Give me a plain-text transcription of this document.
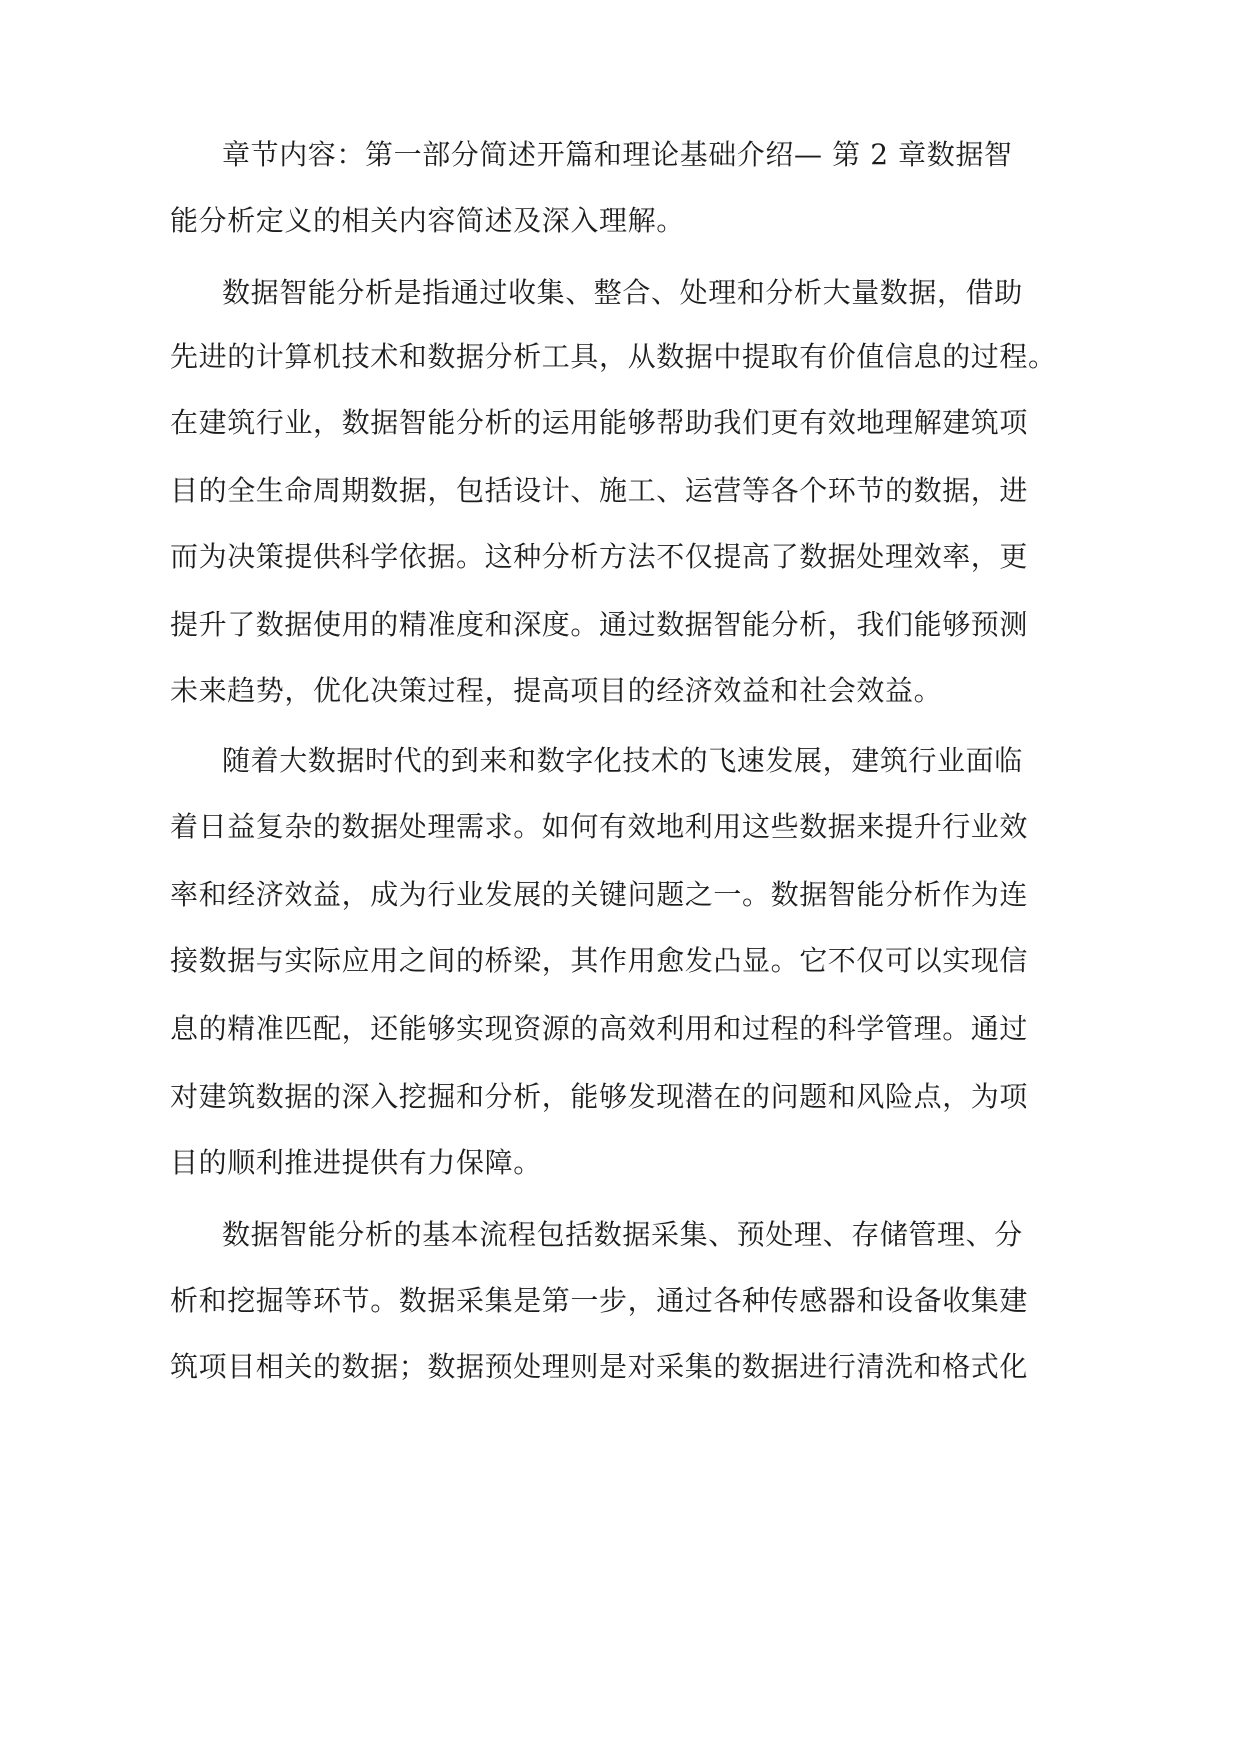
章节内容：第一部分简述开篇和理论基础介绍— 第 2 章数据智
能分析定义的相关内容简述及深入理解。
数据智能分析是指通过收集、整合、处理和分析大量数据，借助
先进的计算机技术和数据分析工具，从数据中提取有价值信息的过程。
在建筑行业，数据智能分析的运用能够帮助我们更有效地理解建筑项
目的全生命周期数据，包括设计、施工、运营等各个环节的数据，进
而为决策提供科学依据。这种分析方法不仅提高了数据处理效率，更
提升了数据使用的精准度和深度。通过数据智能分析，我们能够预测
未来趋势，优化决策过程，提高项目的经济效益和社会效益。
随着大数据时代的到来和数字化技术的飞速发展，建筑行业面临
着日益复杂的数据处理需求。如何有效地利用这些数据来提升行业效
率和经济效益，成为行业发展的关键问题之一。数据智能分析作为连
接数据与实际应用之间的桥梁，其作用愈发凸显。它不仅可以实现信
息的精准匹配，还能够实现资源的高效利用和过程的科学管理。通过
对建筑数据的深入挖掘和分析，能够发现潜在的问题和风险点，为项
目的顺利推进提供有力保障。
数据智能分析的基本流程包括数据采集、预处理、存储管理、分
析和挖掘等环节。数据采集是第一步，通过各种传感器和设备收集建
筑项目相关的数据；数据预处理则是对采集的数据进行清洗和格式化
